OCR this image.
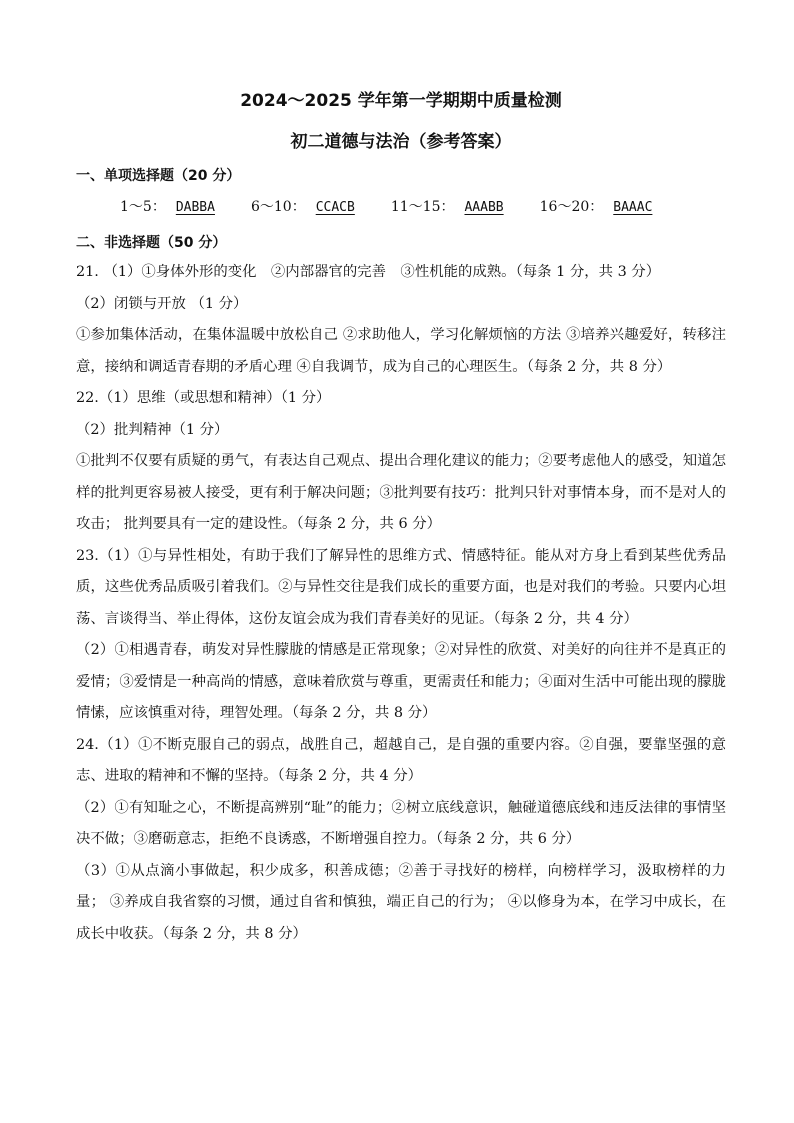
2024～2025 学年第一学期期中质量检测
初二道德与法治（参考答案）
一、单项选择题（20 分）
1～5： DABBA	6～10： CCACB	11～15： AAABB	16～20： BAAAC
二、非选择题（50 分）

21. （1）①身体外形的变化　②内部器官的完善　③性机能的成熟。（每条 1 分，共 3 分）

（2）闭锁与开放 （1 分）

①参加集体活动，在集体温暖中放松自己 ②求助他人，学习化解烦恼的方法 ③培养兴趣爱好，转移注意，接纳和调适青春期的矛盾心理 ④自我调节，成为自己的心理医生。（每条 2 分，共 8 分）

22.（1）思维（或思想和精神）（1 分）

（2）批判精神（1 分）

①批判不仅要有质疑的勇气，有表达自己观点、提出合理化建议的能力；②要考虑他人的感受，知道怎样的批判更容易被人接受，更有利于解决问题；③批判要有技巧：批判只针对事情本身，而不是对人的攻击； 批判要具有一定的建设性。（每条 2 分，共 6 分）

23.（1）①与异性相处，有助于我们了解异性的思维方式、情感特征。能从对方身上看到某些优秀品质，这些优秀品质吸引着我们。②与异性交往是我们成长的重要方面，也是对我们的考验。只要内心坦荡、言谈得当、举止得体，这份友谊会成为我们青春美好的见证。（每条 2 分，共 4 分）

（2）①相遇青春，萌发对异性朦胧的情感是正常现象；②对异性的欣赏、对美好的向往并不是真正的爱情；③爱情是一种高尚的情感，意味着欣赏与尊重，更需责任和能力；④面对生活中可能出现的朦胧情愫，应该慎重对待，理智处理。（每条 2 分，共 8 分）

24.（1）①不断克服自己的弱点，战胜自己，超越自己，是自强的重要内容。②自强，要靠坚强的意志、进取的精神和不懈的坚持。（每条 2 分，共 4 分）

（2）①有知耻之心，不断提高辨别“耻”的能力；②树立底线意识，触碰道德底线和违反法律的事情坚决不做；③磨砺意志，拒绝不良诱惑，不断增强自控力。（每条 2 分，共 6 分）

（3）①从点滴小事做起，积少成多，积善成德；②善于寻找好的榜样，向榜样学习，汲取榜样的力量； ③养成自我省察的习惯，通过自省和慎独，端正自己的行为； ④以修身为本，在学习中成长，在成长中收获。（每条 2 分，共 8 分）
